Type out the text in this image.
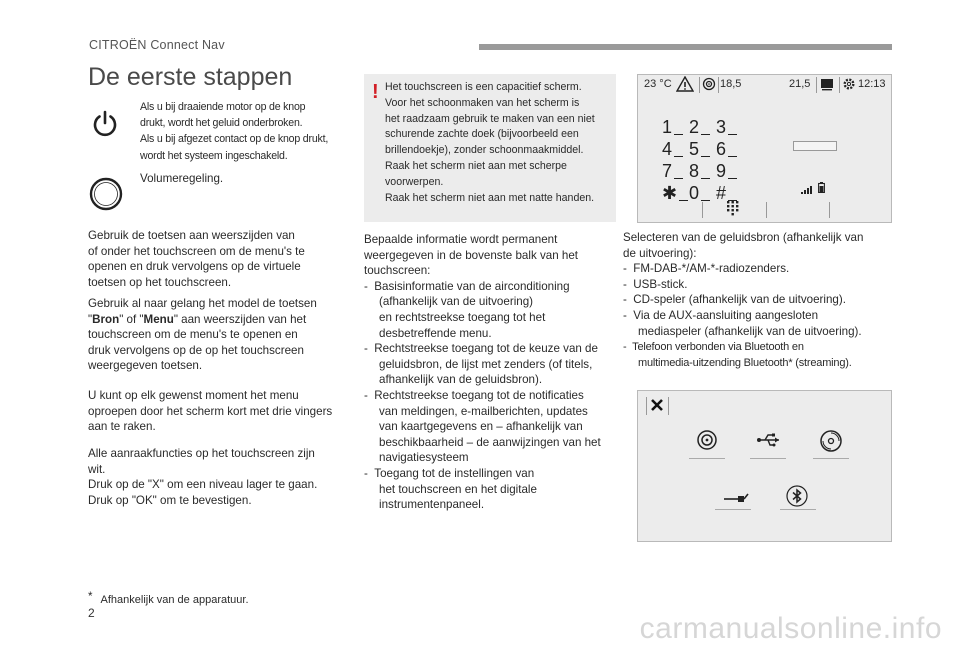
CITROËN Connect Nav
De eerste stappen

Als u bij draaiende motor op de knop

drukt, wordt het geluid onderbroken.

Als u bij afgezet contact op de knop drukt,

wordt het systeem ingeschakeld.

Volumeregeling.

Gebruik de toetsen aan weerszijden van

of onder het touchscreen om de menu's te

openen en druk vervolgens op de virtuele

toetsen op het touchscreen.

Gebruik al naar gelang het model de toetsen

"Bron" of "Menu" aan weerszijden van het

touchscreen om de menu's te openen en

druk vervolgens op de op het touchscreen

weergegeven toetsen.

U kunt op elk gewenst moment het menu

oproepen door het scherm kort met drie vingers

aan te raken.

Alle aanraakfuncties op het touchscreen zijn

wit.

Druk op de "X" om een niveau lager te gaan.

Druk op "OK" om te bevestigen.

* Afhankelijk van de apparatuur.
! Het touchscreen is een capacitief scherm.

Voor het schoonmaken van het scherm is

het raadzaam gebruik te maken van een niet

schurende zachte doek (bijvoorbeeld een

brillendoekje), zonder schoonmaakmiddel.

Raak het scherm niet aan met scherpe

voorwerpen.

Raak het scherm niet aan met natte handen.

Bepaalde informatie wordt permanent

weergegeven in de bovenste balk van het

touchscreen:

-  Basisinformatie van de airconditioning

(afhankelijk van de uitvoering)

en rechtstreekse toegang tot het

desbetreffende menu.

-  Rechtstreekse toegang tot de keuze van de

geluidsbron, de lijst met zenders (of titels,

afhankelijk van de geluidsbron).

-  Rechtstreekse toegang tot de notificaties

van meldingen, e-mailberichten, updates

van kaartgegevens en – afhankelijk van

beschikbaarheid – de aanwijzingen van het

navigatiesysteem

-  Toegang tot de instellingen van

het touchscreen en het digitale

instrumentenpaneel.

23 °C	18,5	21,5	12:13
1 2 3
4 5 6
7 8 9
✱ 0 #

Selecteren van de geluidsbron (afhankelijk van

de uitvoering):

-  FM-DAB-*/AM-*-radiozenders.

-  USB-stick.

-  CD-speler (afhankelijk van de uitvoering).

-  Via de AUX-aansluiting aangesloten

mediaspeler (afhankelijk van de uitvoering).

-  Telefoon verbonden via Bluetooth en

multimedia-uitzending Bluetooth* (streaming).

2	carmanualsonline.info
